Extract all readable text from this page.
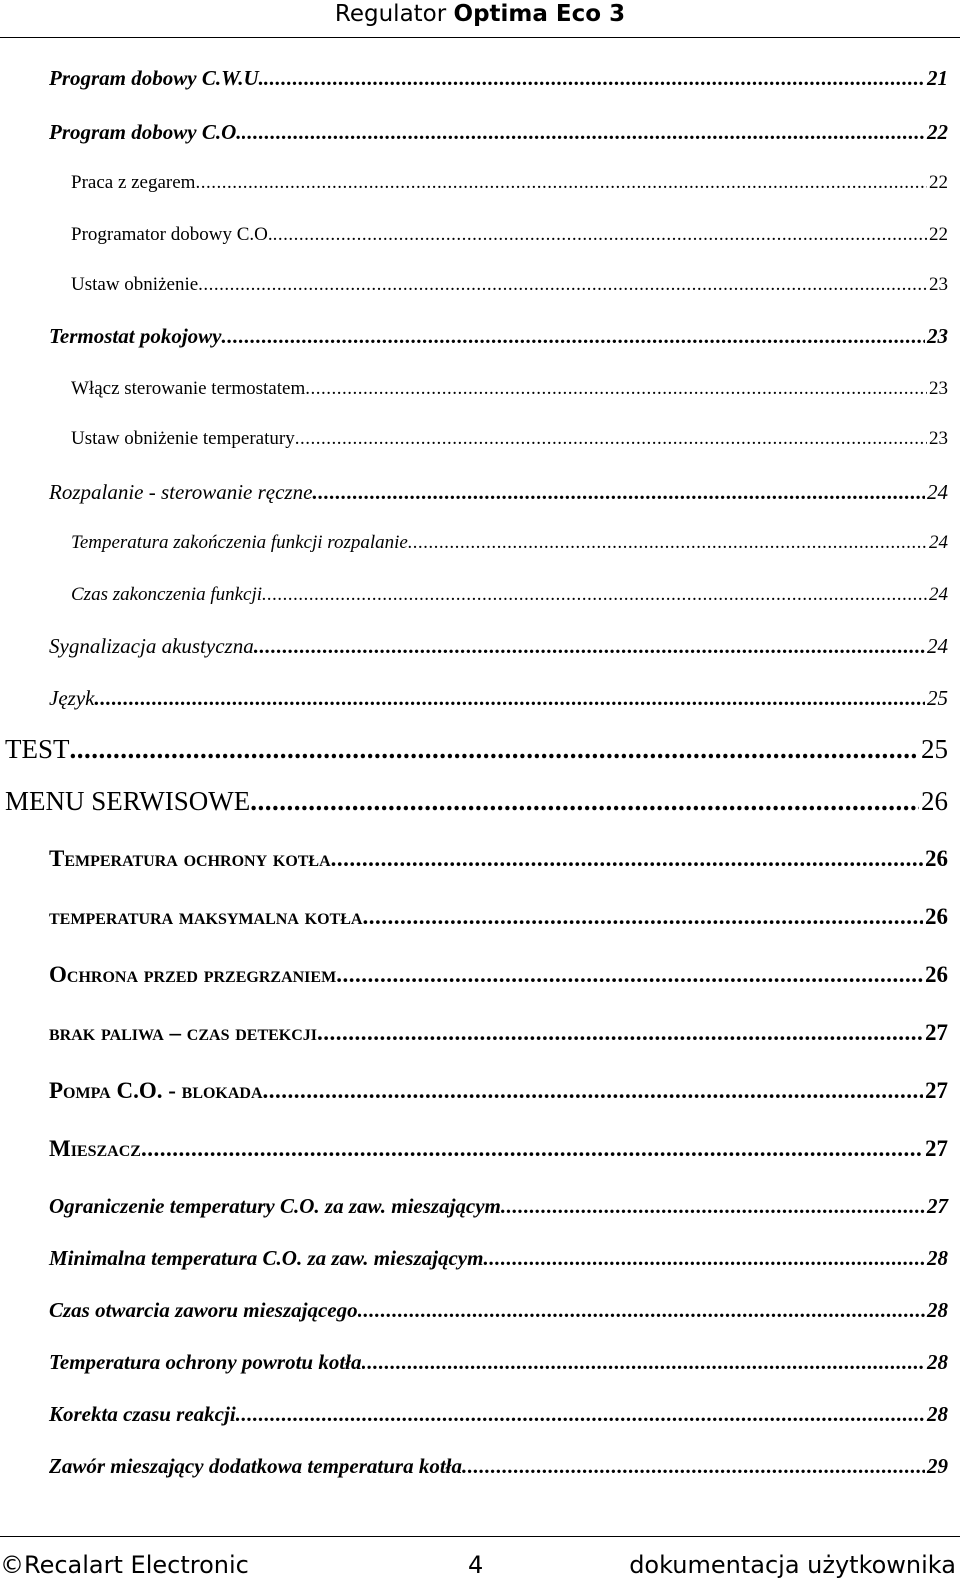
Regulator Optima Eco 3
Program dobowy C.W.U. .....	21
Program dobowy C.O. .....	22
Praca z zegarem .....	22
Programator dobowy C.O. .....	22
Ustaw obniżenie .....	23
Termostat pokojowy .....	23
Włącz sterowanie termostatem .....	23
Ustaw obniżenie temperatury .....	23
Rozpalanie - sterowanie ręczne .....	24
Temperatura zakończenia funkcji rozpalanie .....	24
Czas zakonczenia funkcji .....	24
Sygnalizacja akustyczna .....	24
Język .....	25
TEST .....	25
MENU SERWISOWE .....	26
Temperatura ochrony kotła .....	26
temperatura maksymalna kotła .....	26
Ochrona przed przegrzaniem .....	26
brak paliwa – czas detekcji .....	27
Pompa C.O. - blokada .....	27
Mieszacz .....	27
Ograniczenie temperatury C.O. za zaw. mieszającym .....	27
Minimalna temperatura C.O. za zaw. mieszającym .....	28
Czas otwarcia zaworu mieszającego .....	28
Temperatura ochrony powrotu kotła .....	28
Korekta czasu reakcji .....	28
Zawór mieszający dodatkowa temperatura kotła .....	29
©Recalart Electronic	4	dokumentacja użytkownika
